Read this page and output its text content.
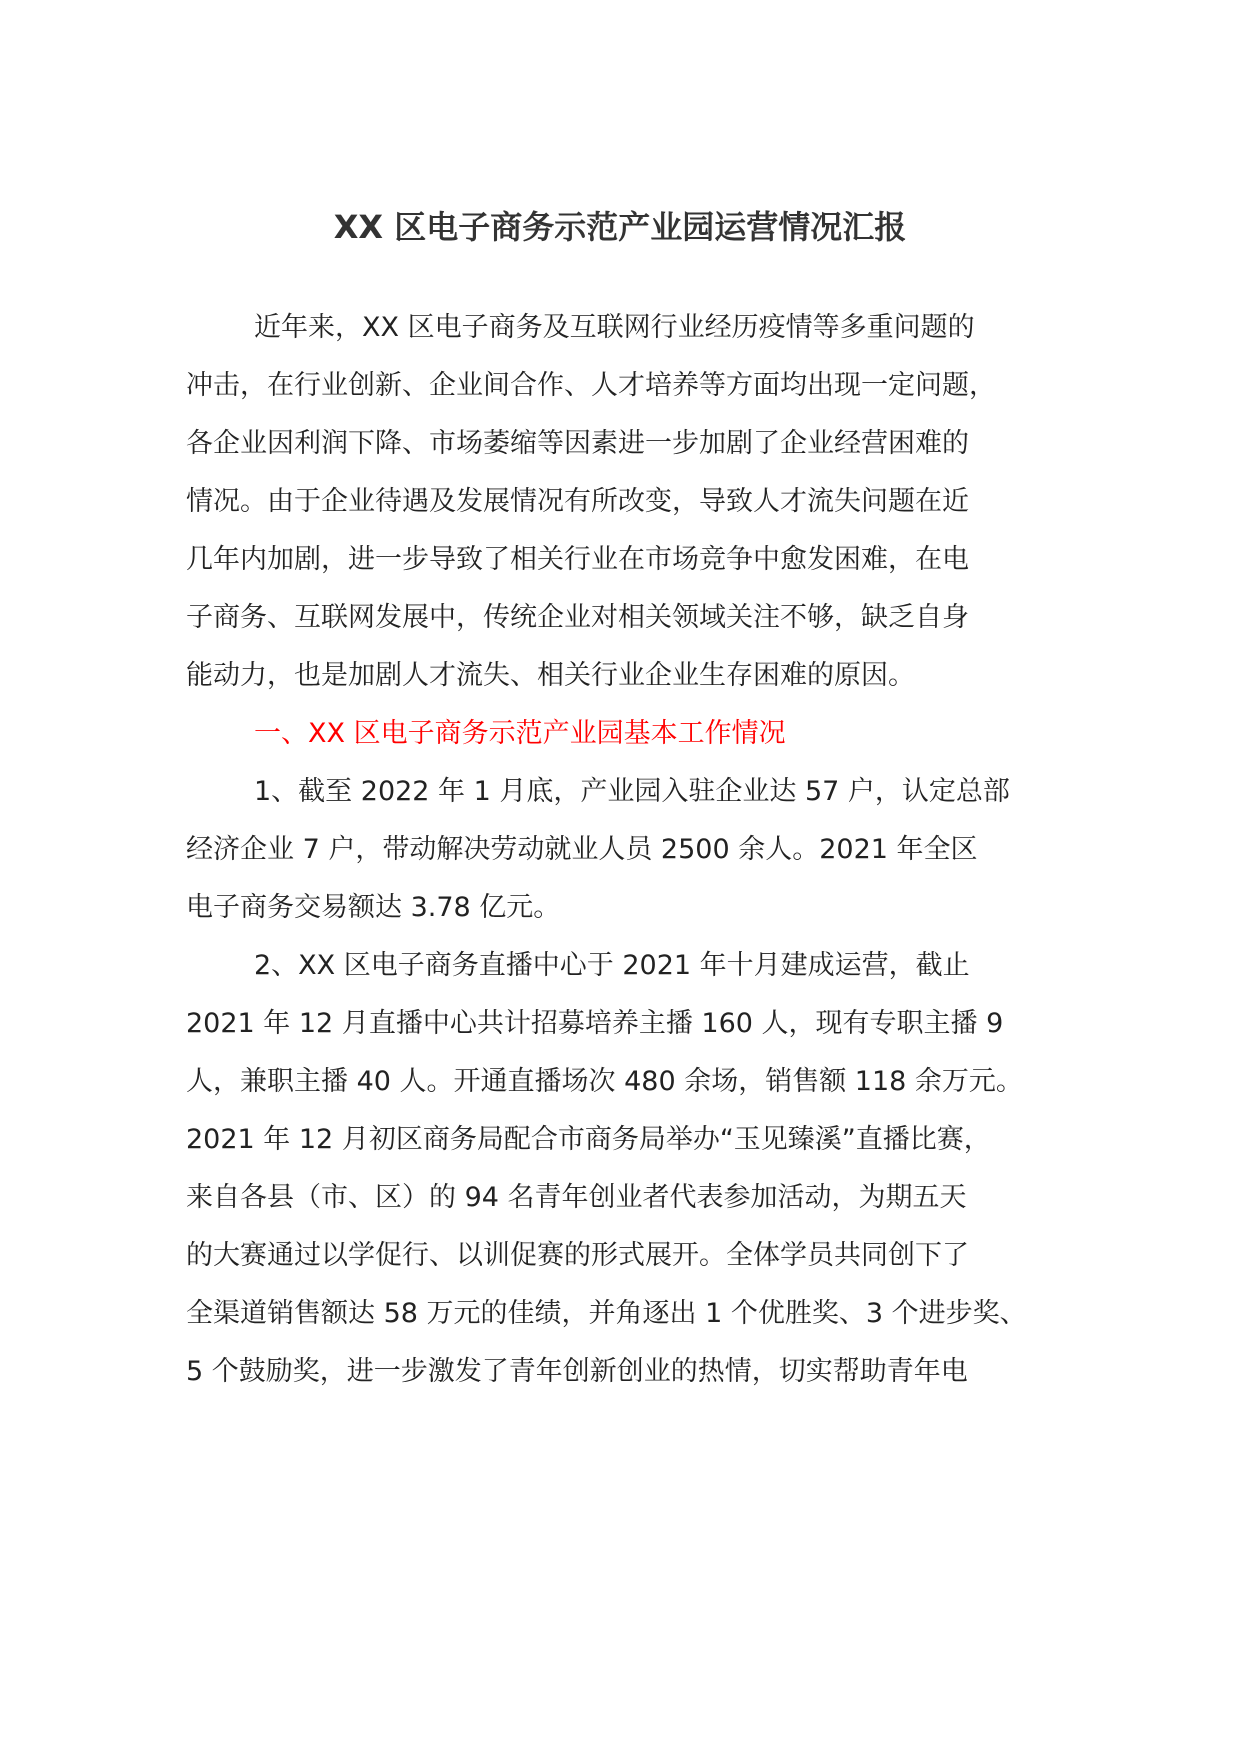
XX 区电子商务示范产业园运营情况汇报
近年来，XX 区电子商务及互联网行业经历疫情等多重问题的
冲击，在行业创新、企业间合作、人才培养等方面均出现一定问题，
各企业因利润下降、市场萎缩等因素进一步加剧了企业经营困难的
情况。由于企业待遇及发展情况有所改变，导致人才流失问题在近
几年内加剧，进一步导致了相关行业在市场竞争中愈发困难，在电
子商务、互联网发展中，传统企业对相关领域关注不够，缺乏自身
能动力，也是加剧人才流失、相关行业企业生存困难的原因。
一、XX 区电子商务示范产业园基本工作情况
1、截至 2022 年 1 月底，产业园入驻企业达 57 户，认定总部
经济企业 7 户，带动解决劳动就业人员 2500 余人。2021 年全区
电子商务交易额达 3.78 亿元。
2、XX 区电子商务直播中心于 2021 年十月建成运营，截止
2021 年 12 月直播中心共计招募培养主播 160 人，现有专职主播 9
人，兼职主播 40 人。开通直播场次 480 余场，销售额 118 余万元。
2021 年 12 月初区商务局配合市商务局举办“玉见臻溪”直播比赛，
来自各县（市、区）的 94 名青年创业者代表参加活动，为期五天
的大赛通过以学促行、以训促赛的形式展开。全体学员共同创下了
全渠道销售额达 58 万元的佳绩，并角逐出 1 个优胜奖、3 个进步奖、
5 个鼓励奖，进一步激发了青年创新创业的热情，切实帮助青年电
